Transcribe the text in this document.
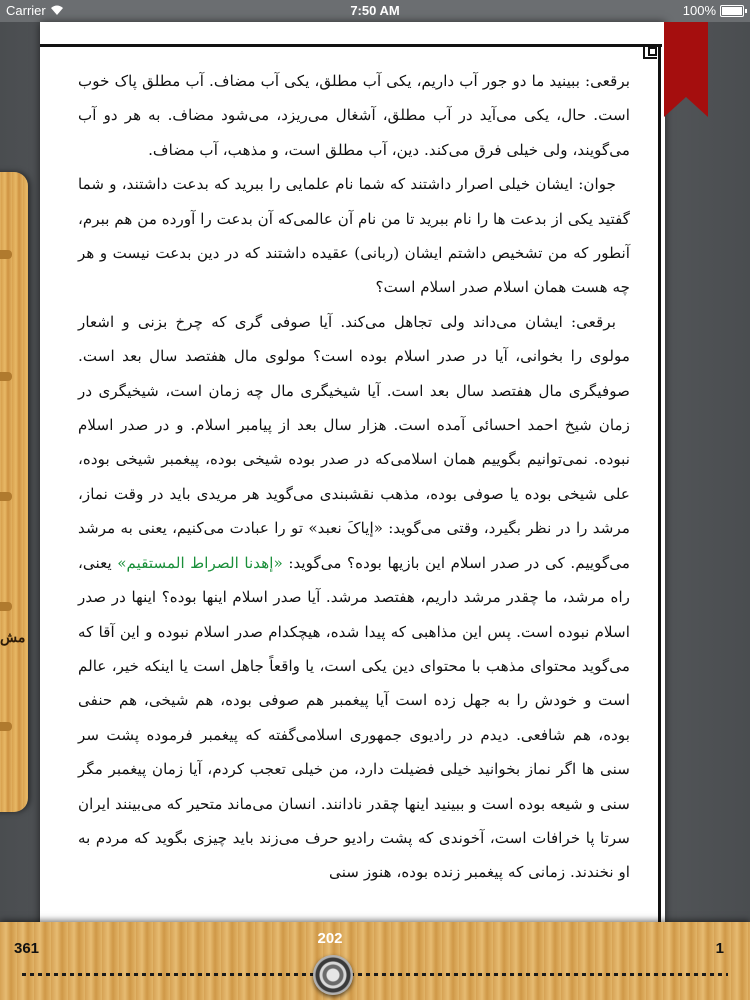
Carrier	7:50 AM	100%
مش

برقعی: ببینید ما دو جور آب داریم، یکی آب مطلق، یکی آب مضاف. آب مطلق پاک خوب است. حال، یکی می‌آید در آب مطلق، آشغال می‌ریزد، می‌شود مضاف. به هر دو آب می‌گویند، ولی خیلی فرق می‌کند. دین، آب مطلق است، و مذهب، آب مضاف.

جوان: ایشان خیلی اصرار داشتند که شما نام علمایی را ببرید که بدعت داشتند، و شما گفتید یکی از بدعت ها را نام ببرید تا من نام آن عالمی‌که آن بدعت را آورده من هم ببرم، آنطور که من تشخیص داشتم ایشان (ربانی) عقیده داشتند که در دین بدعت نیست و هر چه هست همان اسلام صدر اسلام است؟

برقعی: ایشان می‌داند ولی تجاهل می‌کند. آیا صوفی گری که چرخ بزنی و اشعار مولوی را بخوانی، آیا در صدر اسلام بوده است؟ مولوی مال هفتصد سال بعد است. صوفیگری مال هفتصد سال بعد است. آیا شیخیگری مال چه زمان است، شیخیگری در زمان شیخ احمد احسائی آمده است. هزار سال بعد از پیامبر اسلام. و در صدر اسلام نبوده. نمی‌توانیم بگوییم همان اسلامی‌که در صدر بوده شیخی بوده، پیغمبر شیخی بوده، علی شیخی بوده یا صوفی بوده، مذهب نقشبندی می‌گوید هر مریدی باید در وقت نماز، مرشد را در نظر بگیرد، وقتی می‌گوید: «إیاکَ نعبد» تو را عبادت می‌کنیم، یعنی به مرشد می‌گوییم. کی در صدر اسلام این بازیها بوده؟ می‌گوید: «إهدنا الصراط المستقیم» یعنی، راه مرشد، ما چقدر مرشد داریم، هفتصد مرشد. آیا صدر اسلام اینها بوده؟ اینها در صدر اسلام نبوده است. پس این مذاهبی که پیدا شده، هیچکدام صدر اسلام نبوده و این آقا که می‌گوید محتوای مذهب با محتوای دین یکی است، یا واقعاً جاهل است یا اینکه خیر، عالم است و خودش را به جهل زده است آیا پیغمبر هم صوفی بوده، هم شیخی، هم حنفی بوده، هم شافعی. دیدم در رادیوی جمهوری اسلامی‌گفته که پیغمبر فرموده پشت سر سنی ها اگر نماز بخوانید خیلی فضیلت دارد، من خیلی تعجب کردم، آیا زمان پیغمبر مگر سنی و شیعه بوده است و ببینید اینها چقدر نادانند. انسان می‌ماند متحیر که می‌بینند ایران سرتا پا خرافات است، آخوندی که پشت رادیو حرف می‌زند باید چیزی بگوید که مردم به او نخندند. زمانی که پیغمبر زنده بوده، هنوز سنی

361
202
1
